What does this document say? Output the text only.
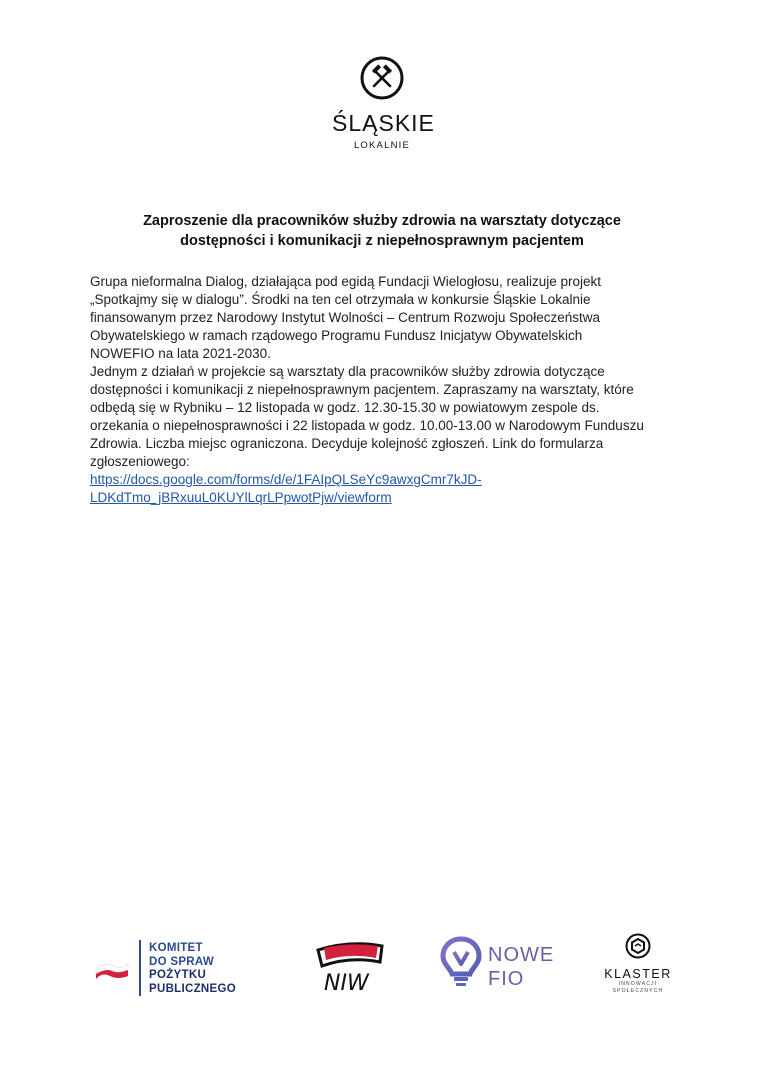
ŚLĄSKIE
LOKALNIE
Zaproszenie dla pracowników służby zdrowia na warsztaty dotyczące
dostępności i komunikacji z niepełnosprawnym pacjentem
Grupa nieformalna Dialog, działająca pod egidą Fundacji Wielogłosu, realizuje projekt
„Spotkajmy się w dialogu”. Środki na ten cel otrzymała w konkursie Śląskie Lokalnie
finansowanym przez Narodowy Instytut Wolności – Centrum Rozwoju Społeczeństwa
Obywatelskiego w ramach rządowego Programu Fundusz Inicjatyw Obywatelskich
NOWEFIO na lata 2021-2030.
Jednym z działań w projekcie są warsztaty dla pracowników służby zdrowia dotyczące
dostępności i komunikacji z niepełnosprawnym pacjentem. Zapraszamy na warsztaty, które
odbędą się w Rybniku – 12 listopada w godz. 12.30-15.30 w powiatowym zespole ds.
orzekania o niepełnosprawności i 22 listopada w godz. 10.00-13.00 w Narodowym Funduszu
Zdrowia. Liczba miejsc ograniczona. Decyduje kolejność zgłoszeń. Link do formularza
zgłoszeniowego:
https://docs.google.com/forms/d/e/1FAIpQLSeYc9awxgCmr7kJD-
LDKdTmo_jBRxuuL0KUYlLqrLPpwotPjw/viewform
KOMITET
DO SPRAW
POŻYTKU
PUBLICZNEGO	NIW
NOWE
FIO	KLASTER
INNOWACJI
SPOŁECZNYCH
